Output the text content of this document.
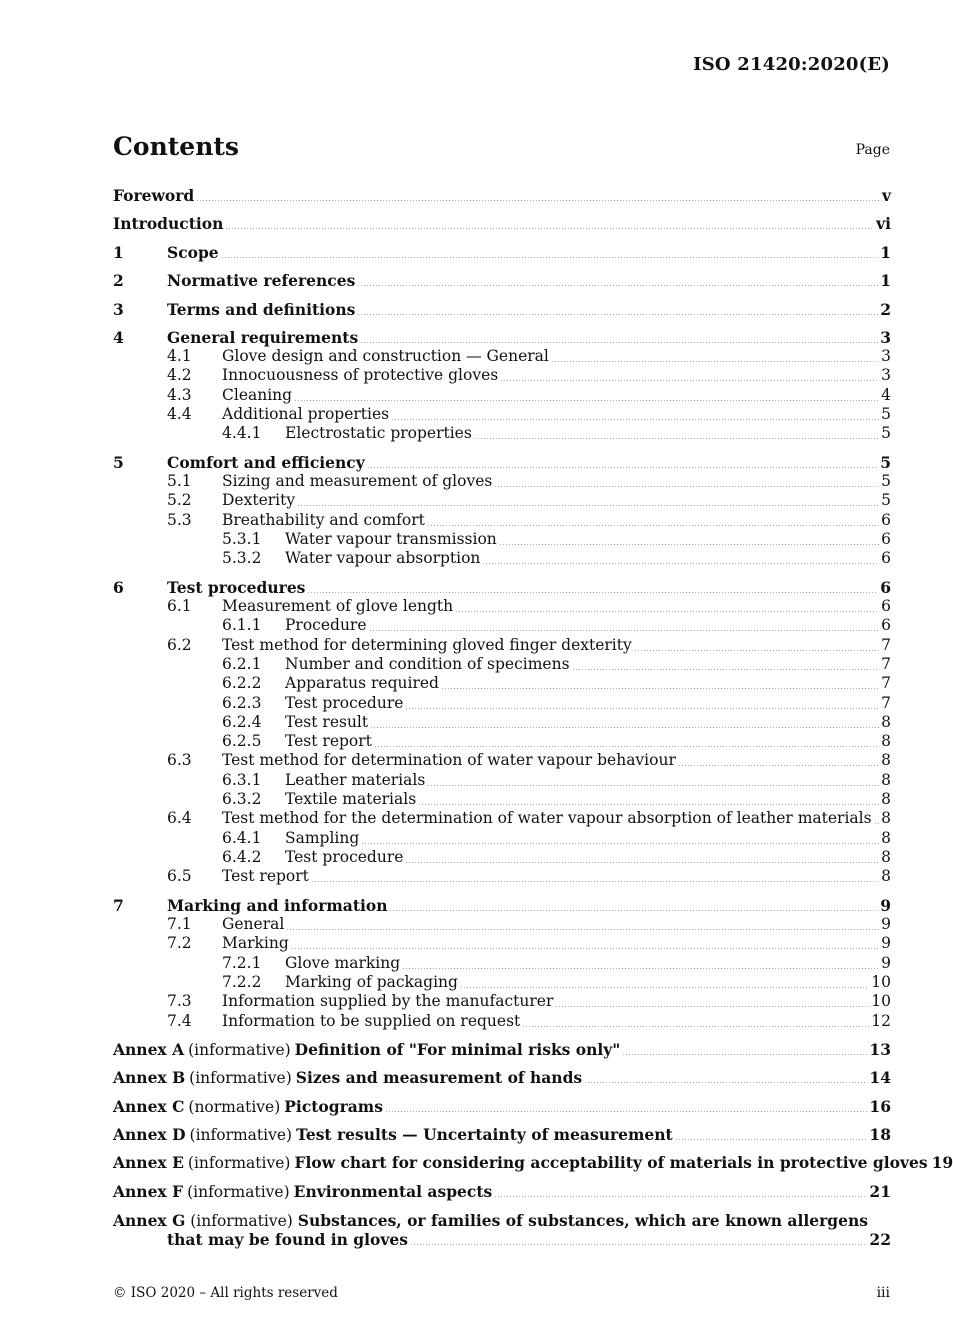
ISO 21420:2020(E)
Contents	Page
Foreword	v
Introduction	vi
1	Scope	1
2	Normative references	1
3	Terms and definitions	2
4	General requirements	3
4.1	Glove design and construction — General	3
4.2	Innocuousness of protective gloves	3
4.3	Cleaning	4
4.4	Additional properties	5
4.4.1	Electrostatic properties	5
5	Comfort and efficiency	5
5.1	Sizing and measurement of gloves	5
5.2	Dexterity	5
5.3	Breathability and comfort	6
5.3.1	Water vapour transmission	6
5.3.2	Water vapour absorption	6
6	Test procedures	6
6.1	Measurement of glove length	6
6.1.1	Procedure	6
6.2	Test method for determining gloved finger dexterity	7
6.2.1	Number and condition of specimens	7
6.2.2	Apparatus required	7
6.2.3	Test procedure	7
6.2.4	Test result	8
6.2.5	Test report	8
6.3	Test method for determination of water vapour behaviour	8
6.3.1	Leather materials	8
6.3.2	Textile materials	8
6.4	Test method for the determination of water vapour absorption of leather materials 8
6.4.1	Sampling	8
6.4.2	Test procedure	8
6.5	Test report	8
7	Marking and information	9
7.1	General	9
7.2	Marking	9
7.2.1	Glove marking	9
7.2.2	Marking of packaging	10
7.3	Information supplied by the manufacturer	10
7.4	Information to be supplied on request	12
Annex A (informative) Definition of "For minimal risks only"	13
Annex B (informative) Sizes and measurement of hands	14
Annex C (normative) Pictograms	16
Annex D (informative) Test results — Uncertainty of measurement	18
Annex E (informative) Flow chart for considering acceptability of materials in protective gloves 19
Annex F (informative) Environmental aspects	21
Annex G (informative) Substances, or families of substances, which are known allergens
that may be found in gloves	22
© ISO 2020 – All rights reserved	iii
